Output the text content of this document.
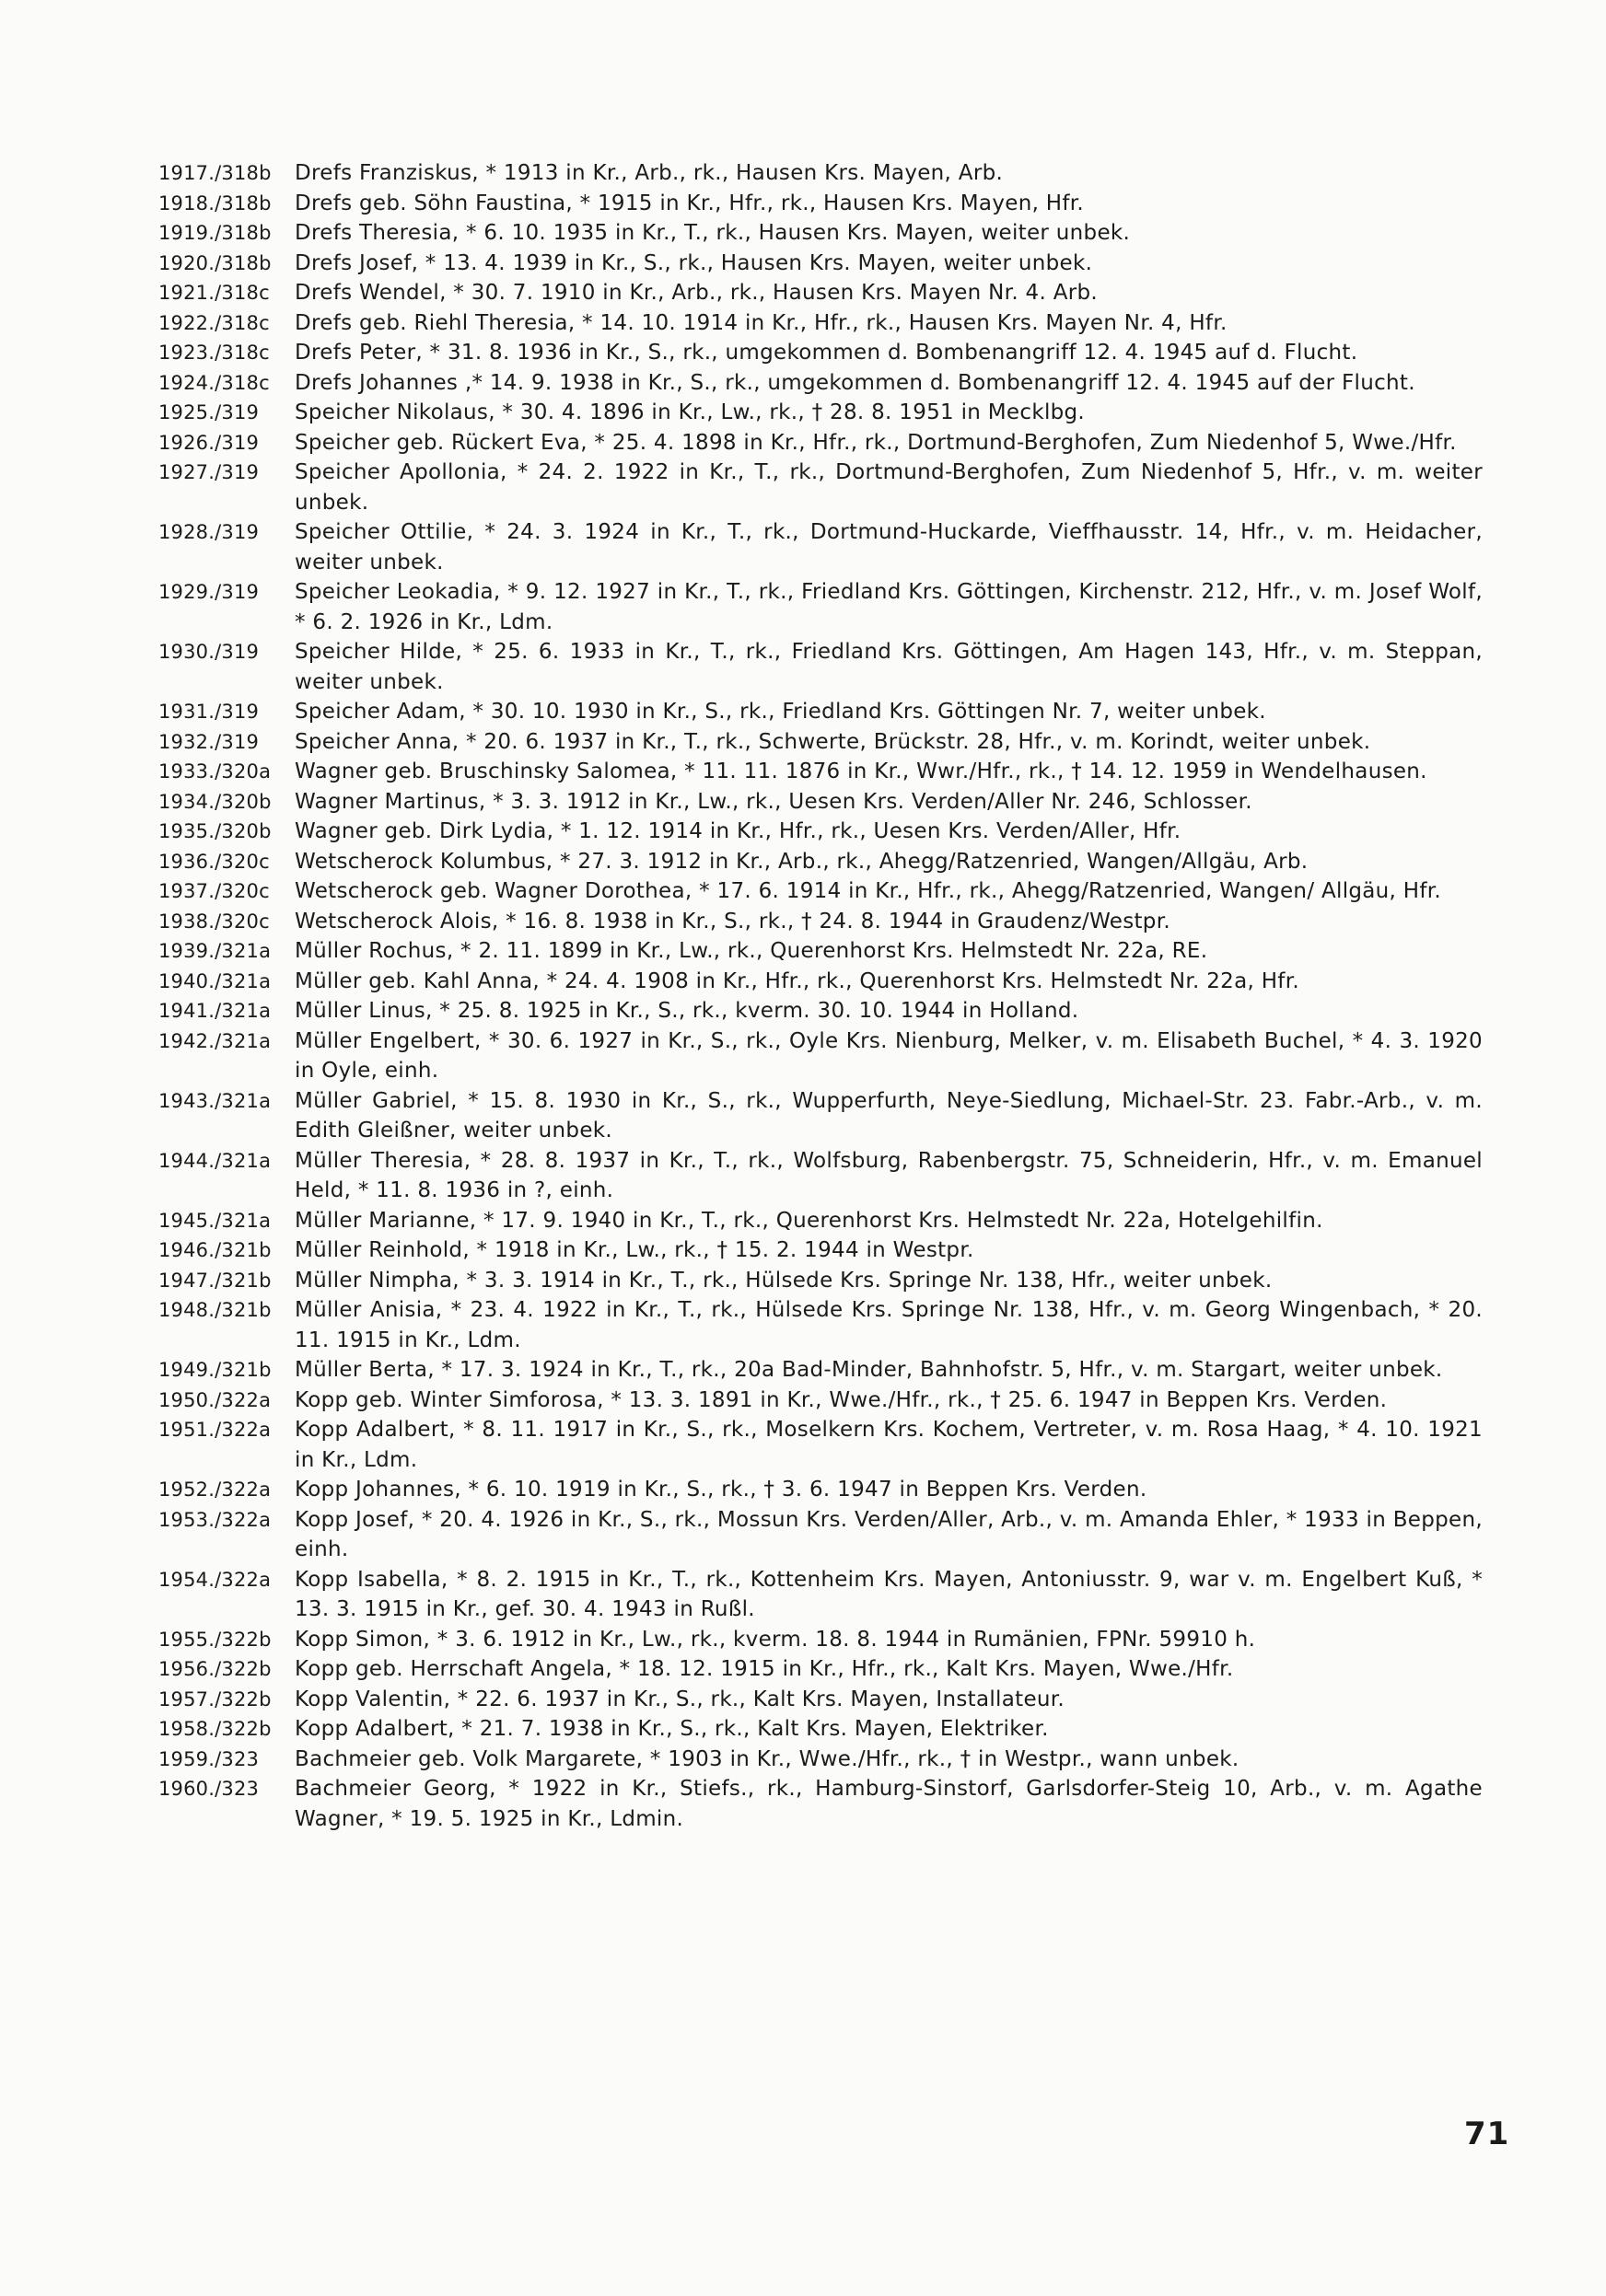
1917./318b	Drefs Franziskus, * 1913 in Kr., Arb., rk., Hausen Krs. Mayen, Arb.
1918./318b	Drefs geb. Söhn Faustina, * 1915 in Kr., Hfr., rk., Hausen Krs. Mayen, Hfr.
1919./318b	Drefs Theresia, * 6. 10. 1935 in Kr., T., rk., Hausen Krs. Mayen, weiter unbek.
1920./318b	Drefs Josef, * 13. 4. 1939 in Kr., S., rk., Hausen Krs. Mayen, weiter unbek.
1921./318c	Drefs Wendel, * 30. 7. 1910 in Kr., Arb., rk., Hausen Krs. Mayen Nr. 4. Arb.
1922./318c	Drefs geb. Riehl Theresia, * 14. 10. 1914 in Kr., Hfr., rk., Hausen Krs. Mayen Nr. 4, Hfr.
1923./318c	Drefs Peter, * 31. 8. 1936 in Kr., S., rk., umgekommen d. Bombenangriff 12. 4. 1945 auf d. Flucht.
1924./318c	Drefs Johannes ,* 14. 9. 1938 in Kr., S., rk., umgekommen d. Bombenangriff 12. 4. 1945 auf der Flucht.
1925./319	Speicher Nikolaus, * 30. 4. 1896 in Kr., Lw., rk., † 28. 8. 1951 in Mecklbg.
1926./319	Speicher geb. Rückert Eva, * 25. 4. 1898 in Kr., Hfr., rk., Dortmund-Berghofen, Zum Niedenhof 5, Wwe./Hfr.
1927./319	Speicher Apollonia, * 24. 2. 1922 in Kr., T., rk., Dortmund-Berghofen, Zum Niedenhof 5, Hfr., v. m. weiter unbek.
1928./319	Speicher Ottilie, * 24. 3. 1924 in Kr., T., rk., Dortmund-Huckarde, Vieffhausstr. 14, Hfr., v. m. Heidacher, weiter unbek.
1929./319	Speicher Leokadia, * 9. 12. 1927 in Kr., T., rk., Friedland Krs. Göttingen, Kirchenstr. 212, Hfr., v. m. Josef Wolf, * 6. 2. 1926 in Kr., Ldm.
1930./319	Speicher Hilde, * 25. 6. 1933 in Kr., T., rk., Friedland Krs. Göttingen, Am Hagen 143, Hfr., v. m. Steppan, weiter unbek.
1931./319	Speicher Adam, * 30. 10. 1930 in Kr., S., rk., Friedland Krs. Göttingen Nr. 7, weiter unbek.
1932./319	Speicher Anna, * 20. 6. 1937 in Kr., T., rk., Schwerte, Brückstr. 28, Hfr., v. m. Korindt, weiter unbek.
1933./320a	Wagner geb. Bruschinsky Salomea, * 11. 11. 1876 in Kr., Wwr./Hfr., rk., † 14. 12. 1959 in Wendelhausen.
1934./320b	Wagner Martinus, * 3. 3. 1912 in Kr., Lw., rk., Uesen Krs. Verden/Aller Nr. 246, Schlosser.
1935./320b	Wagner geb. Dirk Lydia, * 1. 12. 1914 in Kr., Hfr., rk., Uesen Krs. Verden/Aller, Hfr.
1936./320c	Wetscherock Kolumbus, * 27. 3. 1912 in Kr., Arb., rk., Ahegg/Ratzenried, Wangen/Allgäu, Arb.
1937./320c	Wetscherock geb. Wagner Dorothea, * 17. 6. 1914 in Kr., Hfr., rk., Ahegg/Ratzenried, Wangen/ Allgäu, Hfr.
1938./320c	Wetscherock Alois, * 16. 8. 1938 in Kr., S., rk., † 24. 8. 1944 in Graudenz/Westpr.
1939./321a	Müller Rochus, * 2. 11. 1899 in Kr., Lw., rk., Querenhorst Krs. Helmstedt Nr. 22a, RE.
1940./321a	Müller geb. Kahl Anna, * 24. 4. 1908 in Kr., Hfr., rk., Querenhorst Krs. Helmstedt Nr. 22a, Hfr.
1941./321a	Müller Linus, * 25. 8. 1925 in Kr., S., rk., kverm. 30. 10. 1944 in Holland.
1942./321a	Müller Engelbert, * 30. 6. 1927 in Kr., S., rk., Oyle Krs. Nienburg, Melker, v. m. Elisabeth Buchel, * 4. 3. 1920 in Oyle, einh.
1943./321a	Müller Gabriel, * 15. 8. 1930 in Kr., S., rk., Wupperfurth, Neye-Siedlung, Michael-Str. 23. Fabr.-Arb., v. m. Edith Gleißner, weiter unbek.
1944./321a	Müller Theresia, * 28. 8. 1937 in Kr., T., rk., Wolfsburg, Rabenbergstr. 75, Schneiderin, Hfr., v. m. Emanuel Held, * 11. 8. 1936 in ?, einh.
1945./321a	Müller Marianne, * 17. 9. 1940 in Kr., T., rk., Querenhorst Krs. Helmstedt Nr. 22a, Hotelgehilfin.
1946./321b	Müller Reinhold, * 1918 in Kr., Lw., rk., † 15. 2. 1944 in Westpr.
1947./321b	Müller Nimpha, * 3. 3. 1914 in Kr., T., rk., Hülsede Krs. Springe Nr. 138, Hfr., weiter unbek.
1948./321b	Müller Anisia, * 23. 4. 1922 in Kr., T., rk., Hülsede Krs. Springe Nr. 138, Hfr., v. m. Georg Wingenbach, * 20. 11. 1915 in Kr., Ldm.
1949./321b	Müller Berta, * 17. 3. 1924 in Kr., T., rk., 20a Bad-Minder, Bahnhofstr. 5, Hfr., v. m. Stargart, weiter unbek.
1950./322a	Kopp geb. Winter Simforosa, * 13. 3. 1891 in Kr., Wwe./Hfr., rk., † 25. 6. 1947 in Beppen Krs. Verden.
1951./322a	Kopp Adalbert, * 8. 11. 1917 in Kr., S., rk., Moselkern Krs. Kochem, Vertreter, v. m. Rosa Haag, * 4. 10. 1921 in Kr., Ldm.
1952./322a	Kopp Johannes, * 6. 10. 1919 in Kr., S., rk., † 3. 6. 1947 in Beppen Krs. Verden.
1953./322a	Kopp Josef, * 20. 4. 1926 in Kr., S., rk., Mossun Krs. Verden/Aller, Arb., v. m. Amanda Ehler, * 1933 in Beppen, einh.
1954./322a	Kopp Isabella, * 8. 2. 1915 in Kr., T., rk., Kottenheim Krs. Mayen, Antoniusstr. 9, war v. m. Engelbert Kuß, * 13. 3. 1915 in Kr., gef. 30. 4. 1943 in Rußl.
1955./322b	Kopp Simon, * 3. 6. 1912 in Kr., Lw., rk., kverm. 18. 8. 1944 in Rumänien, FPNr. 59910 h.
1956./322b	Kopp geb. Herrschaft Angela, * 18. 12. 1915 in Kr., Hfr., rk., Kalt Krs. Mayen, Wwe./Hfr.
1957./322b	Kopp Valentin, * 22. 6. 1937 in Kr., S., rk., Kalt Krs. Mayen, Installateur.
1958./322b	Kopp Adalbert, * 21. 7. 1938 in Kr., S., rk., Kalt Krs. Mayen, Elektriker.
1959./323	Bachmeier geb. Volk Margarete, * 1903 in Kr., Wwe./Hfr., rk., † in Westpr., wann unbek.
1960./323	Bachmeier Georg, * 1922 in Kr., Stiefs., rk., Hamburg-Sinstorf, Garlsdorfer-Steig 10, Arb., v. m. Agathe Wagner, * 19. 5. 1925 in Kr., Ldmin.
71
